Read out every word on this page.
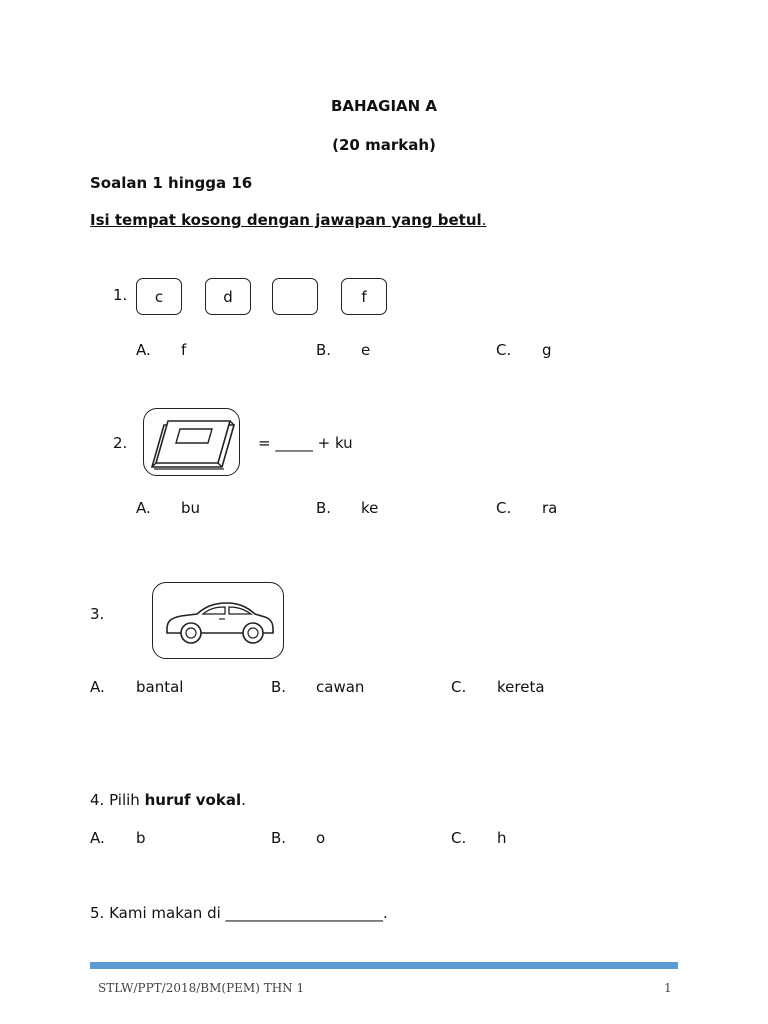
BAHAGIAN A
(20 markah)
Soalan 1 hingga 16
Isi tempat kosong dengan jawapan yang betul.
1.	c	d	f
A. f	B. e	C. g
2.	= _____ + ku
A. bu	B. ke	C. ra
3.
A. bantal	B. cawan	C. kereta
4. Pilih huruf vokal.
A. b	B. o	C. h
5. Kami makan di _____________________.
STLW/PPT/2018/BM(PEM) THN 1	1
